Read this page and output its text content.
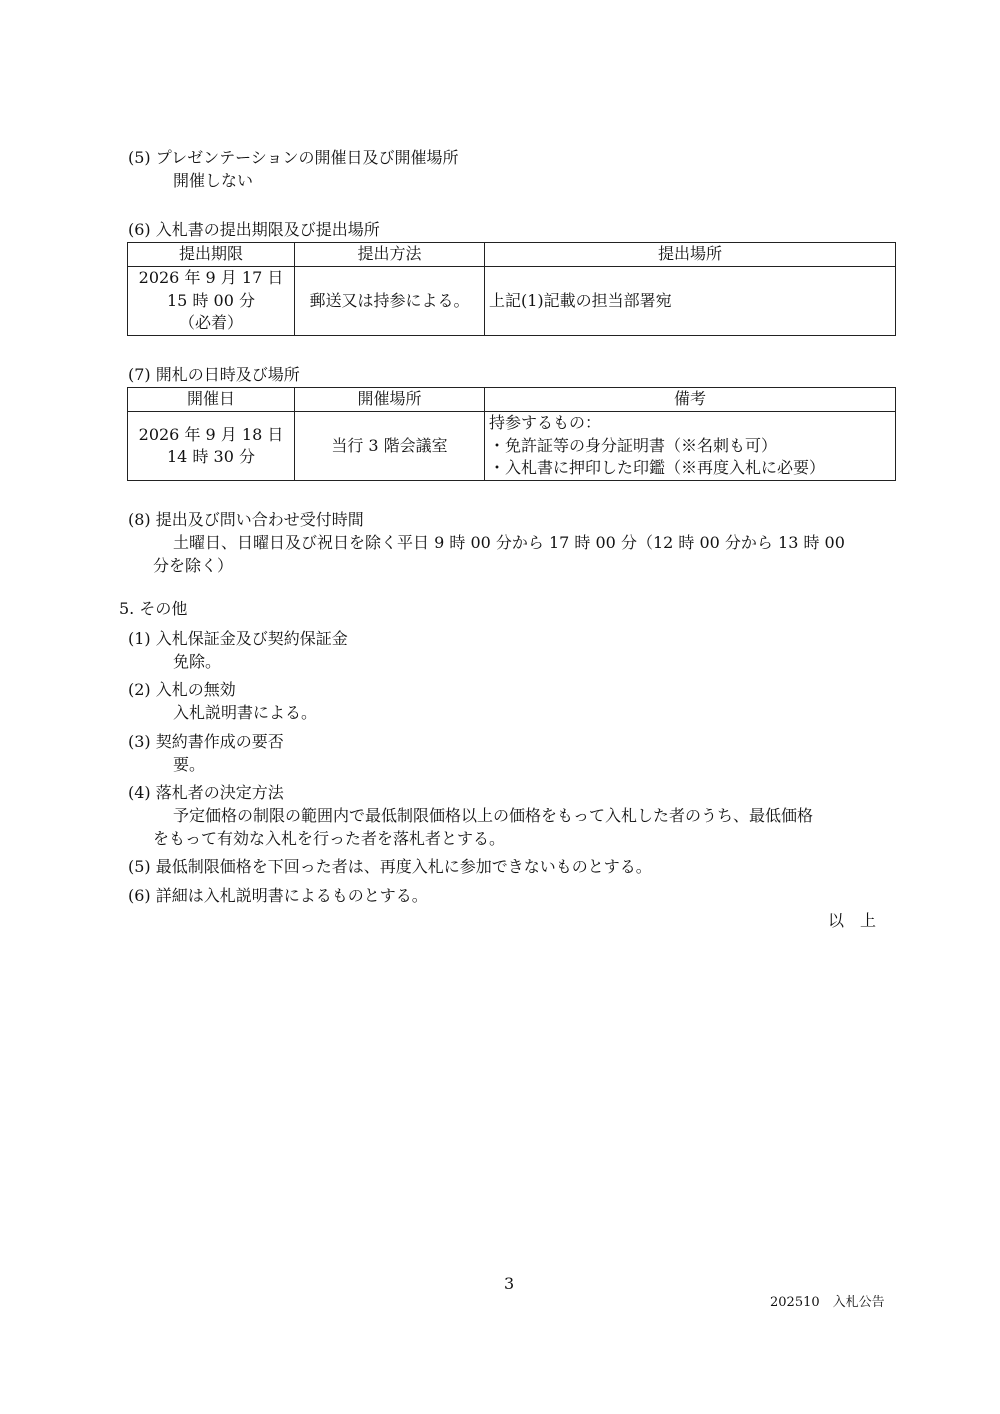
(5) プレゼンテーションの開催日及び開催場所
開催しない
(6) 入札書の提出期限及び提出場所
提出期限	提出方法	提出場所

2026 年 9 月 17 日
15 時 00 分
（必着）	郵送又は持参による。	上記(1)記載の担当部署宛
(7) 開札の日時及び場所
開催日	開催場所	備考

2026 年 9 月 18 日
14 時 30 分	当行 3 階会議室	持参するもの：
・免許証等の身分証明書（※名刺も可）
・入札書に押印した印鑑（※再度入札に必要）
(8) 提出及び問い合わせ受付時間
土曜日、日曜日及び祝日を除く平日 9 時 00 分から 17 時 00 分（12 時 00 分から 13 時 00
分を除く）
5. その他
(1) 入札保証金及び契約保証金
免除。
(2) 入札の無効
入札説明書による。
(3) 契約書作成の要否
要。
(4) 落札者の決定方法
予定価格の制限の範囲内で最低制限価格以上の価格をもって入札した者のうち、最低価格
をもって有効な入札を行った者を落札者とする。
(5) 最低制限価格を下回った者は、再度入札に参加できないものとする。
(6) 詳細は入札説明書によるものとする。
以　上
3
202510　入札公告
